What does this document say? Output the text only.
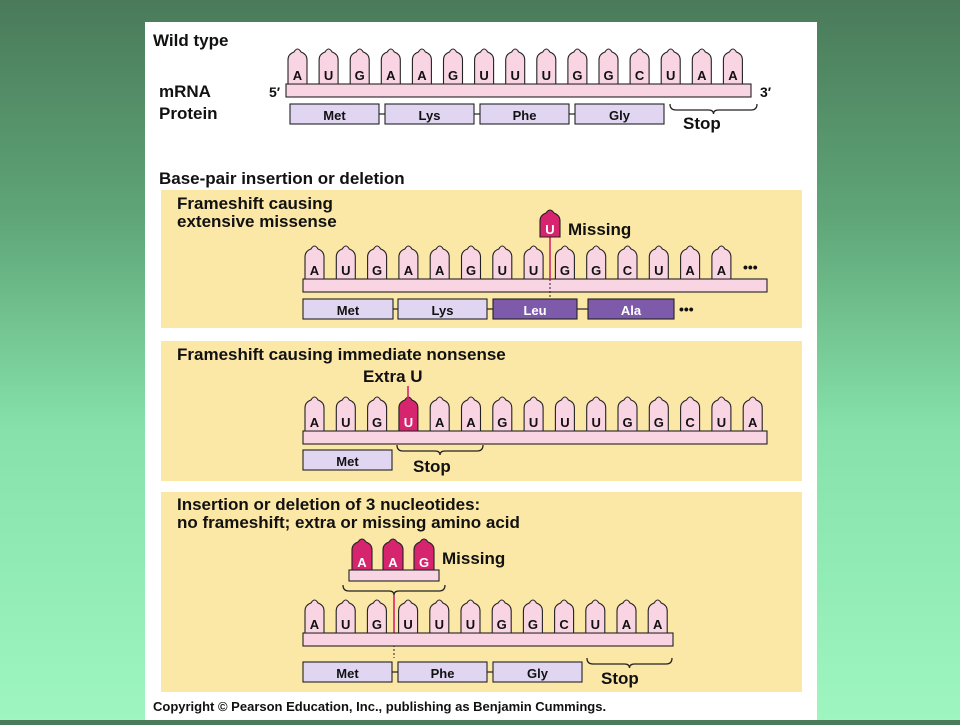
Wild type
mRNA
Protein
5′	3′
Base-pair insertion or deletion
Frameshift causing
extensive missense	Missing
Frameshift causing immediate nonsense
Extra U
Insertion or deletion of 3 nucleotides:
no frameshift; extra or missing amino acid
Missing
Copyright © Pearson Education, Inc., publishing as Benjamin Cummings.
A U G A A G U U U G G C U A A
Met	Lys	Phe	Gly	Stop
A U G A A G U U G G C U A A
U
•••
Met	Lys	Leu	Ala	•••
A U G U A A G U U U G G C U A
Met	Stop
A A G
A U G U U U G G C U A A
Met	Phe	Gly	Stop
